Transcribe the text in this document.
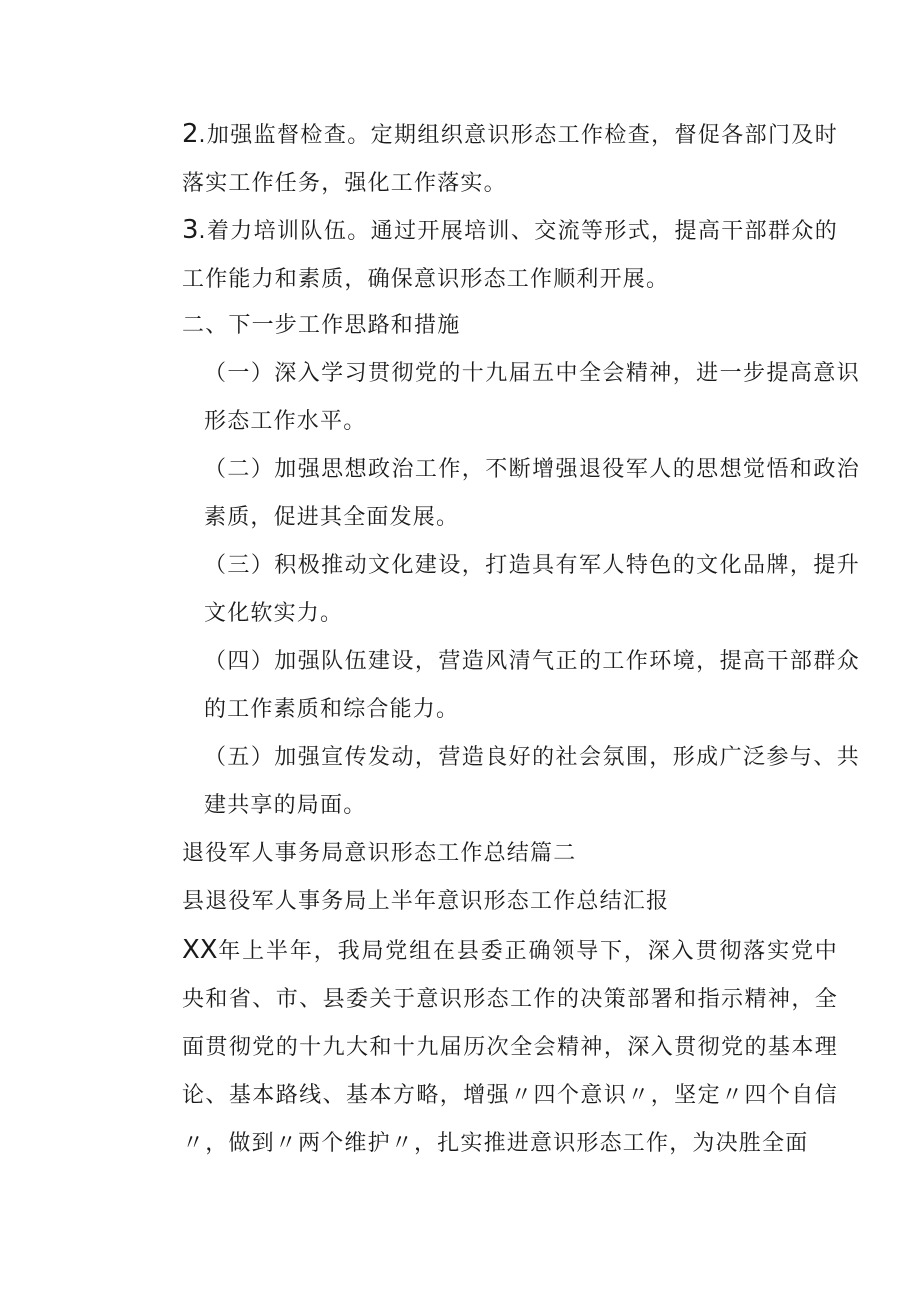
2.加强监督检查。定期组织意识形态工作检查，督促各部门及时落实工作任务，强化工作落实。

3.着力培训队伍。通过开展培训、交流等形式，提高干部群众的工作能力和素质，确保意识形态工作顺利开展。

二、下一步工作思路和措施

（一）深入学习贯彻党的十九届五中全会精神，进一步提高意识形态工作水平。

（二）加强思想政治工作，不断增强退役军人的思想觉悟和政治素质，促进其全面发展。

（三）积极推动文化建设，打造具有军人特色的文化品牌，提升文化软实力。

（四）加强队伍建设，营造风清气正的工作环境，提高干部群众的工作素质和综合能力。

（五）加强宣传发动，营造良好的社会氛围，形成广泛参与、共建共享的局面。

退役军人事务局意识形态工作总结篇二

县退役军人事务局上半年意识形态工作总结汇报

XX年上半年，我局党组在县委正确领导下，深入贯彻落实党中央和省、市、县委关于意识形态工作的决策部署和指示精神，全面贯彻党的十九大和十九届历次全会精神，深入贯彻党的基本理论、基本路线、基本方略，增强〃四个意识〃，坚定〃四个自信〃，做到〃两个维护〃，扎实推进意识形态工作，为决胜全面
